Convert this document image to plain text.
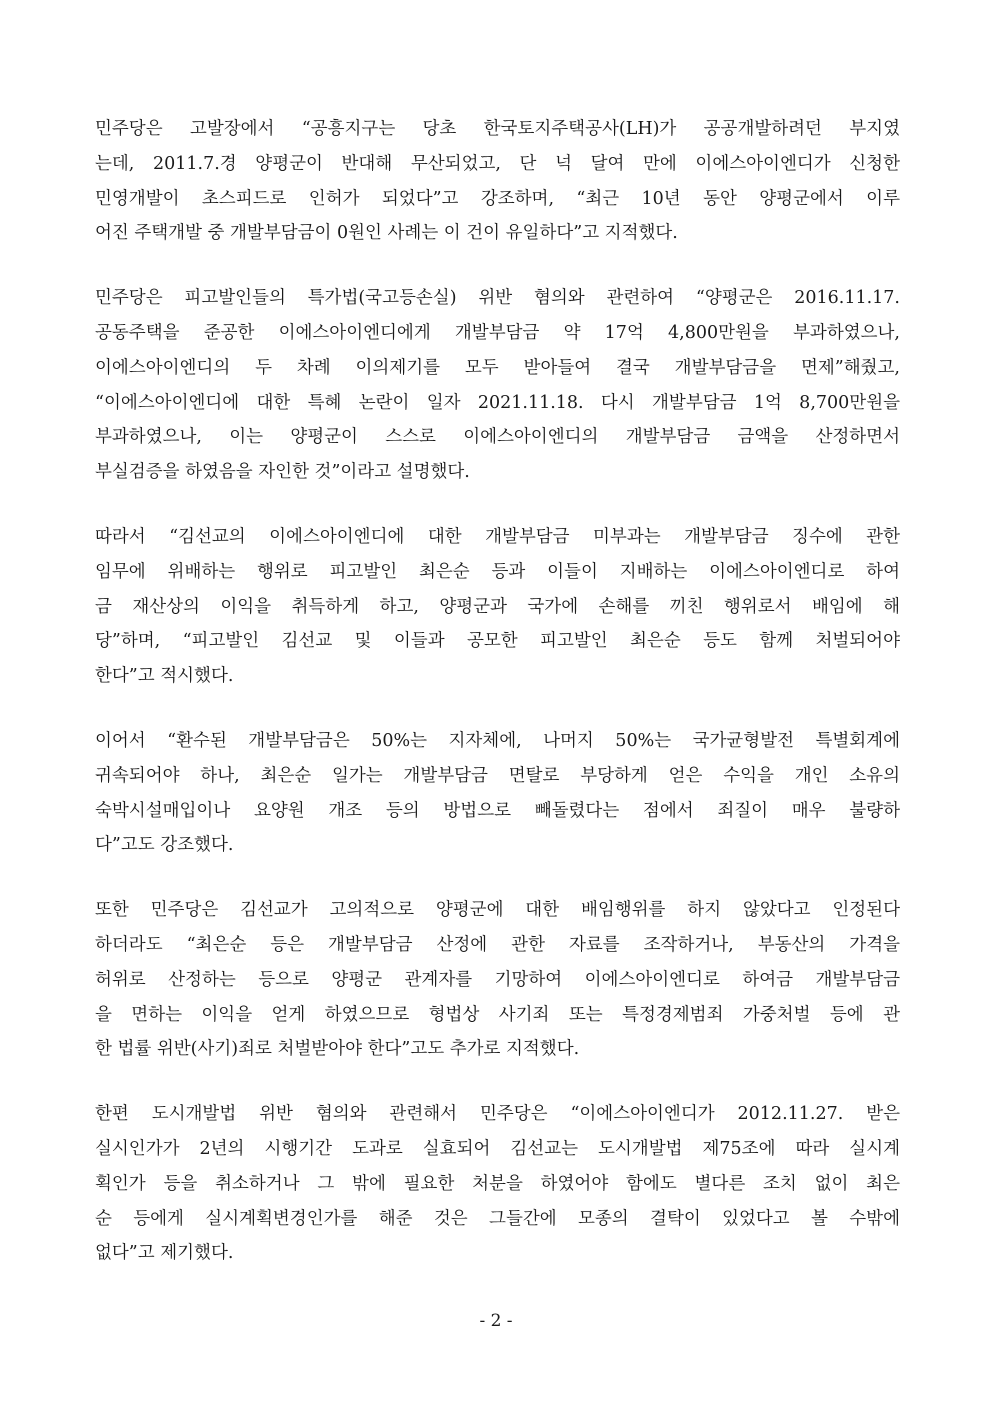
민주당은 고발장에서 “공흥지구는 당초 한국토지주택공사(LH)가 공공개발하려던 부지였
는데, 2011.7.경 양평군이 반대해 무산되었고, 단 넉 달여 만에 이에스아이엔디가 신청한
민영개발이 초스피드로 인허가 되었다”고 강조하며, “최근 10년 동안 양평군에서 이루
어진 주택개발 중 개발부담금이 0원인 사례는 이 건이 유일하다”고 지적했다.

민주당은 피고발인들의 특가법(국고등손실) 위반 혐의와 관련하여 “양평군은 2016.11.17.
공동주택을 준공한 이에스아이엔디에게 개발부담금 약 17억 4,800만원을 부과하였으나,
이에스아이엔디의 두 차례 이의제기를 모두 받아들여 결국 개발부담금을 면제”해줬고,
“이에스아이엔디에 대한 특혜 논란이 일자 2021.11.18. 다시 개발부담금 1억 8,700만원을
부과하였으나, 이는 양평군이 스스로 이에스아이엔디의 개발부담금 금액을 산정하면서
부실검증을 하였음을 자인한 것”이라고 설명했다.

따라서 “김선교의 이에스아이엔디에 대한 개발부담금 미부과는 개발부담금 징수에 관한
임무에 위배하는 행위로 피고발인 최은순 등과 이들이 지배하는 이에스아이엔디로 하여
금 재산상의 이익을 취득하게 하고, 양평군과 국가에 손해를 끼친 행위로서 배임에 해
당”하며, “피고발인 김선교 및 이들과 공모한 피고발인 최은순 등도 함께 처벌되어야
한다”고 적시했다.

이어서 “환수된 개발부담금은 50%는 지자체에, 나머지 50%는 국가균형발전 특별회계에
귀속되어야 하나, 최은순 일가는 개발부담금 면탈로 부당하게 얻은 수익을 개인 소유의
숙박시설매입이나 요양원 개조 등의 방법으로 빼돌렸다는 점에서 죄질이 매우 불량하
다”고도 강조했다.

또한 민주당은 김선교가 고의적으로 양평군에 대한 배임행위를 하지 않았다고 인정된다
하더라도 “최은순 등은 개발부담금 산정에 관한 자료를 조작하거나, 부동산의 가격을
허위로 산정하는 등으로 양평군 관계자를 기망하여 이에스아이엔디로 하여금 개발부담금
을 면하는 이익을 얻게 하였으므로 형법상 사기죄 또는 특정경제범죄 가중처벌 등에 관
한 법률 위반(사기)죄로 처벌받아야 한다”고도 추가로 지적했다.

한편 도시개발법 위반 혐의와 관련해서 민주당은 “이에스아이엔디가 2012.11.27. 받은
실시인가가 2년의 시행기간 도과로 실효되어 김선교는 도시개발법 제75조에 따라 실시계
획인가 등을 취소하거나 그 밖에 필요한 처분을 하였어야 함에도 별다른 조치 없이 최은
순 등에게 실시계획변경인가를 해준 것은 그들간에 모종의 결탁이 있었다고 볼 수밖에
없다”고 제기했다.

- 2 -
